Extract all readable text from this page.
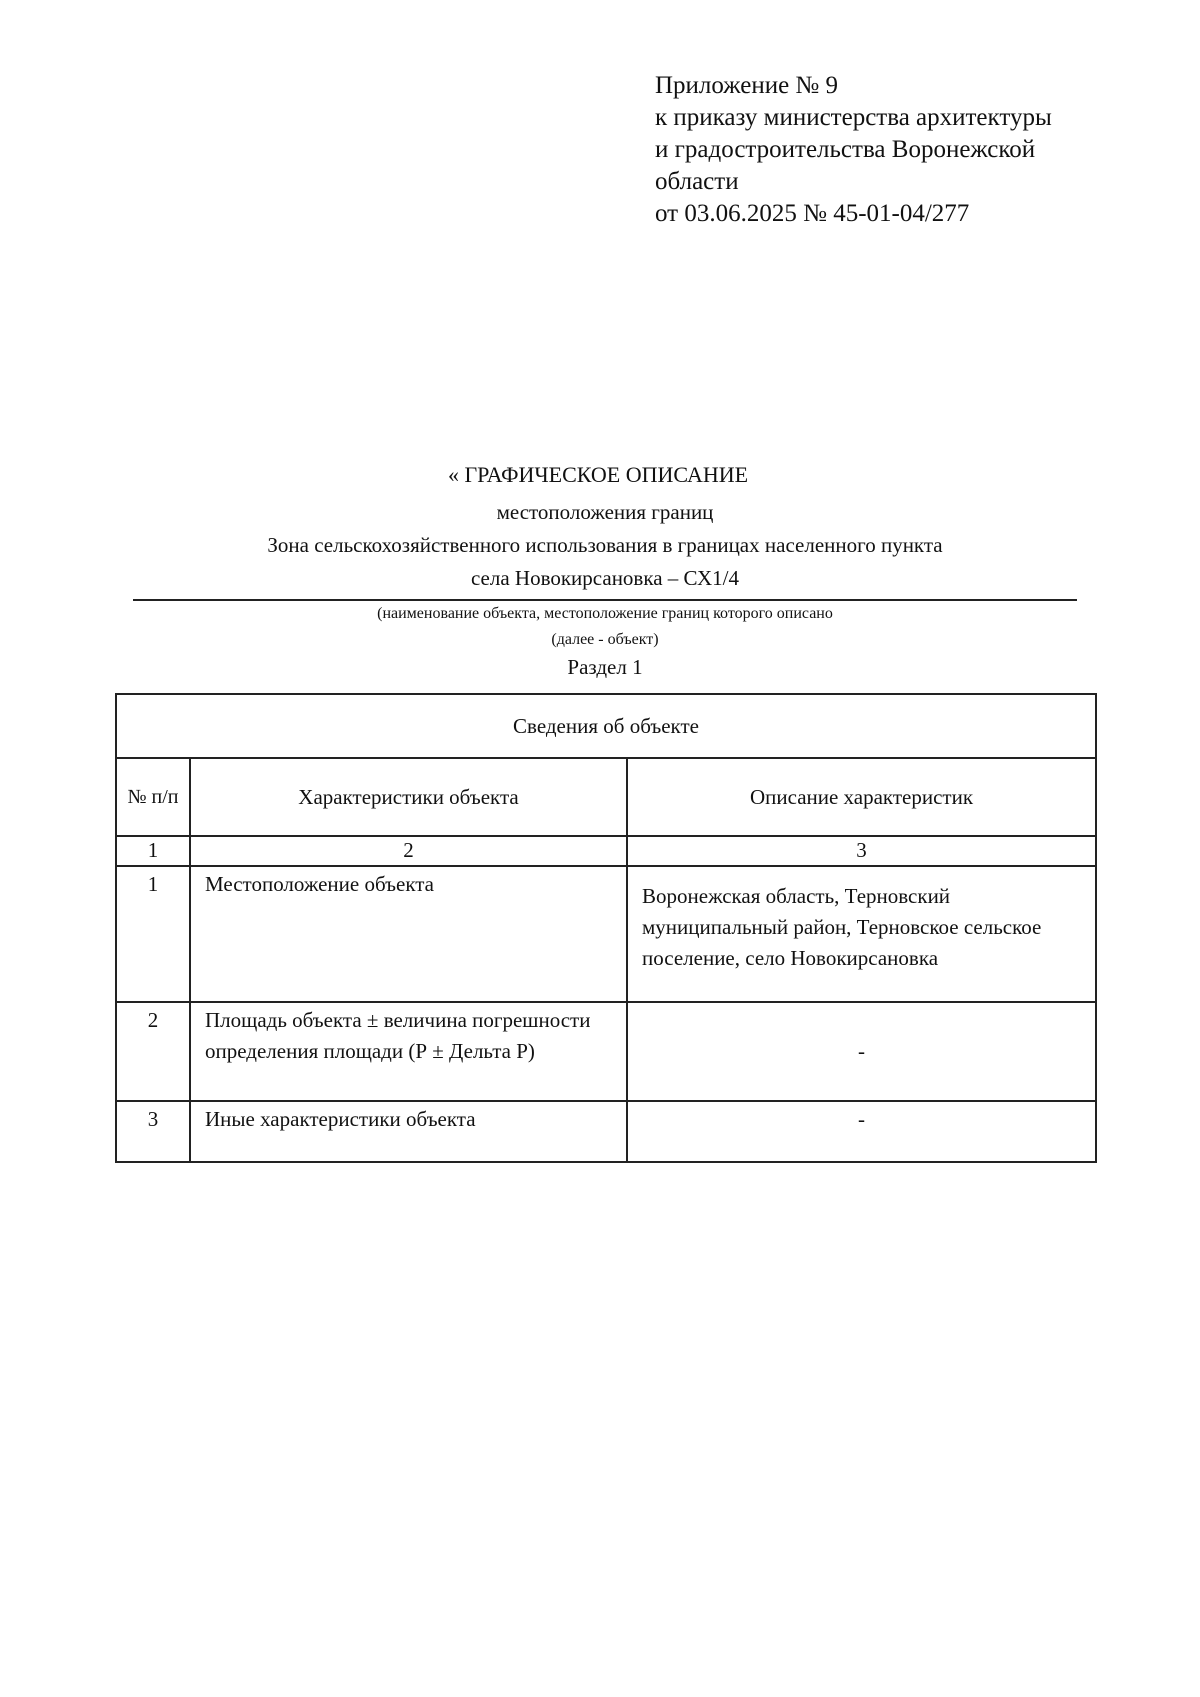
Приложение № 9
к приказу министерства архитектуры
и градостроительства Воронежской
области
от 03.06.2025 № 45-01-04/277
« ГРАФИЧЕСКОЕ ОПИСАНИЕ
местоположения границ
Зона сельскохозяйственного использования в границах населенного пункта
села Новокирсановка – СХ1/4
(наименование объекта, местоположение границ которого описано
(далее - объект)
Раздел 1
Сведения об объекте		
№ п/п	Характеристики объекта	Описание характеристик
1	2	3
1	Местоположение объекта	Воронежская область, Терновский муниципальный район, Терновское сельское поселение, село Новокирсановка
2	Площадь объекта ± величина погрешности определения площади (Р ± Дельта Р)	-
3	Иные характеристики объекта	-
